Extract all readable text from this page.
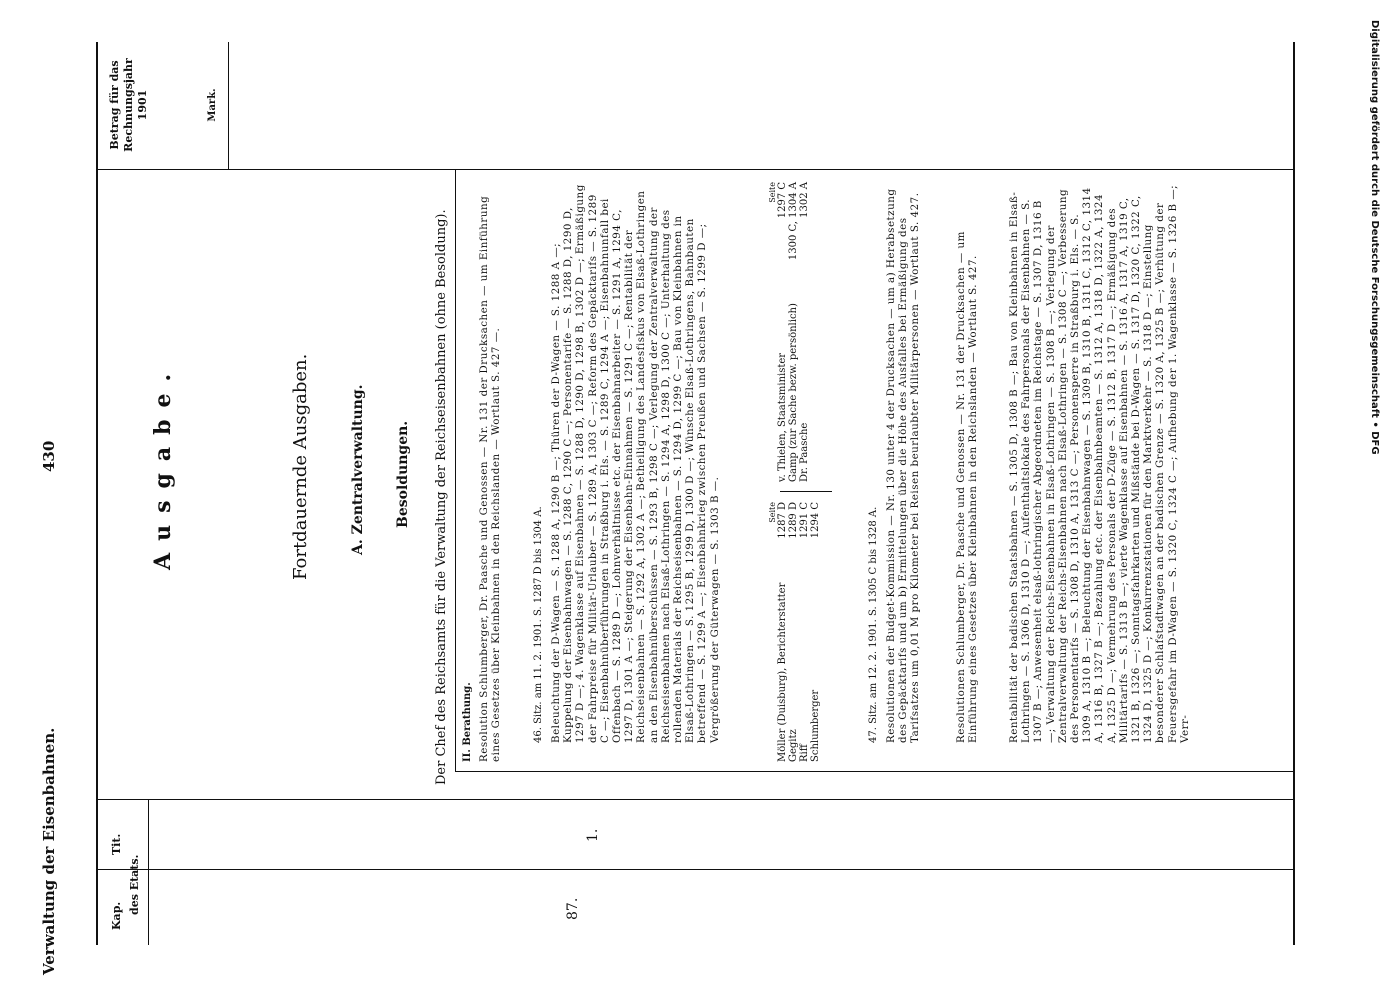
Verwaltung der Eisenbahnen.
430
Kap.
Tit.
des Etats.
Betrag für das Rechnungsjahr 1901	Mark.
87.
1.
Ausgabe.	Fortdauernde Ausgaben.	A. Zentralverwaltung. Besoldungen. Der Chef des Reichsamts für die Verwaltung der Reichseisenbahnen (ohne Besoldung). II. Berathung. Resolution Schlumberger, Dr. Paasche und Genossen — Nr. 131 der Drucksachen — um Einführung eines Gesetzes über Kleinbahnen in den Reichslanden — Wortlaut S. 427 —.	46. Sitz. am 11. 2. 1901. S. 1287 D bis 1304 A. Beleuchtung der D-Wagen — S. 1288 A, 1290 B —; Thüren der D-Wagen — S. 1288 A —; Kuppelung der Eisenbahnwagen — S. 1288 C, 1290 C —; Personentarife — S. 1288 D, 1290 D, 1297 D —; 4. Wagenklasse auf Eisenbahnen — S. 1288 D, 1290 D, 1298 B, 1302 D —; Ermäßigung der Fahrpreise für Militär-Urlauber — S. 1289 A, 1303 C —; Reform des Gepäcktarifs — S. 1289 C —; Eisenbahnüberführungen in Straßburg i. Els. — S. 1289 C, 1294 A —; Eisenbahnunfall bei Offenbach — S. 1289 D —; Lohnverhältnisse etc. der Eisenbahnarbeiter — S. 1291 A, 1294 C, 1297 D, 1301 A —; Steigerung der Eisenbahn-Einnahmen — S. 1291 C —; Rentabilität der Reichseisenbahnen — S. 1292 A, 1302 A —; Betheiligung des Landesfiskus von Elsaß-Lothringen an den Eisenbahnüberschüssen — S. 1293 B, 1298 C —; Verlegung der Zentralverwaltung der Reichseisenbahnen nach Elsaß-Lothringen — S. 1294 A, 1298 D, 1300 C —; Unterhaltung des rollenden Materials der Reichseisenbahnen — S. 1294 D, 1299 C —; Bau von Kleinbahnen in Elsaß-Lothringen — S. 1295 B, 1299 D, 1300 D —; Wünsche Elsaß-Lothringens, Bahnbauten betreffend — S. 1299 A —; Eisenbahnkrieg zwischen Preußen und Sachsen — S. 1299 D —; Vergrößerung der Güterwagen — S. 1303 B —.	Seite
Möller (Duisburg), Berichterstatter
1287 D
Gegitz
1289 D
Riff
1291 C
Schlumberger
1294 C
Seite
v. Thielen, Staatsminister
1297 C
Gamp (zur Sache bezw. persönlich)
1300 C, 1304 A
Dr. Paasche
1302 A
47. Sitz. am 12. 2. 1901. S. 1305 C bis 1328 A. Resolutionen der Budget-Kommission — Nr. 130 unter 4 der Drucksachen — um a) Herabsetzung des Gepäcktarifs und um b) Ermittelungen über die Höhe des Ausfalles bei Ermäßigung des Tarifsatzes um 0,01 M pro Kilometer bei Reisen beurlaubter Militärpersonen — Wortlaut S. 427.	Resolutionen Schlumberger, Dr. Paasche und Genossen — Nr. 131 der Drucksachen — um Einführung eines Gesetzes über Kleinbahnen in den Reichslanden — Wortlaut S. 427.	Rentabilität der badischen Staatsbahnen — S. 1305 D, 1308 B —; Bau von Kleinbahnen in Elsaß-Lothringen — S. 1306 D, 1310 D —; Aufenthaltslokale des Fahrpersonals der Eisenbahnen — S. 1307 B —; Anwesenheit elsaß-lothringischer Abgeordneten im Reichstage — S. 1307 D, 1316 B —; Verwaltung der Reichs-Eisenbahnen in Elsaß-Lothringen — S. 1308 B —; Verlegung der Zentralverwaltung der Reichs-Eisenbahnen nach Elsaß-Lothringen — S. 1308 C —; Verbesserung des Personentarifs — S. 1308 D, 1310 A, 1313 C —; Personensperre in Straßburg i. Els. — S. 1309 A, 1310 B —; Beleuchtung der Eisenbahnwagen — S. 1309 B, 1310 B, 1311 C, 1312 C, 1314 A, 1316 B, 1327 B —; Bezahlung etc. der Eisenbahnbeamten — S. 1312 A, 1318 D, 1322 A, 1324 A, 1325 D —; Vermehrung des Personals der D-Züge — S. 1312 B, 1317 D —; Ermäßigung des Militärtarifs — S. 1313 B —; vierte Wagenklasse auf Eisenbahnen — S. 1316 A, 1317 A, 1319 C, 1321 B, 1326 —; Sonntagsfahrkarten und Mißstände bei D-Wagen — S. 1317 D, 1320 C, 1322 C, 1324 D, 1325 D —; Konkurrenzstationen für den Marktverkehr — S. 1318 D —; Einstellung besonderer Schlafstadtwagen an der badischen Grenze — S. 1320 A, 1325 B —; Verhütung der Feuersgefahr im D-Wagen — S. 1320 C, 1324 C —; Aufhebung der 1. Wagenklasse — S. 1326 B —; Verr-
Digitalisierung gefördert durch die Deutsche Forschungsgemeinschaft • DFG
